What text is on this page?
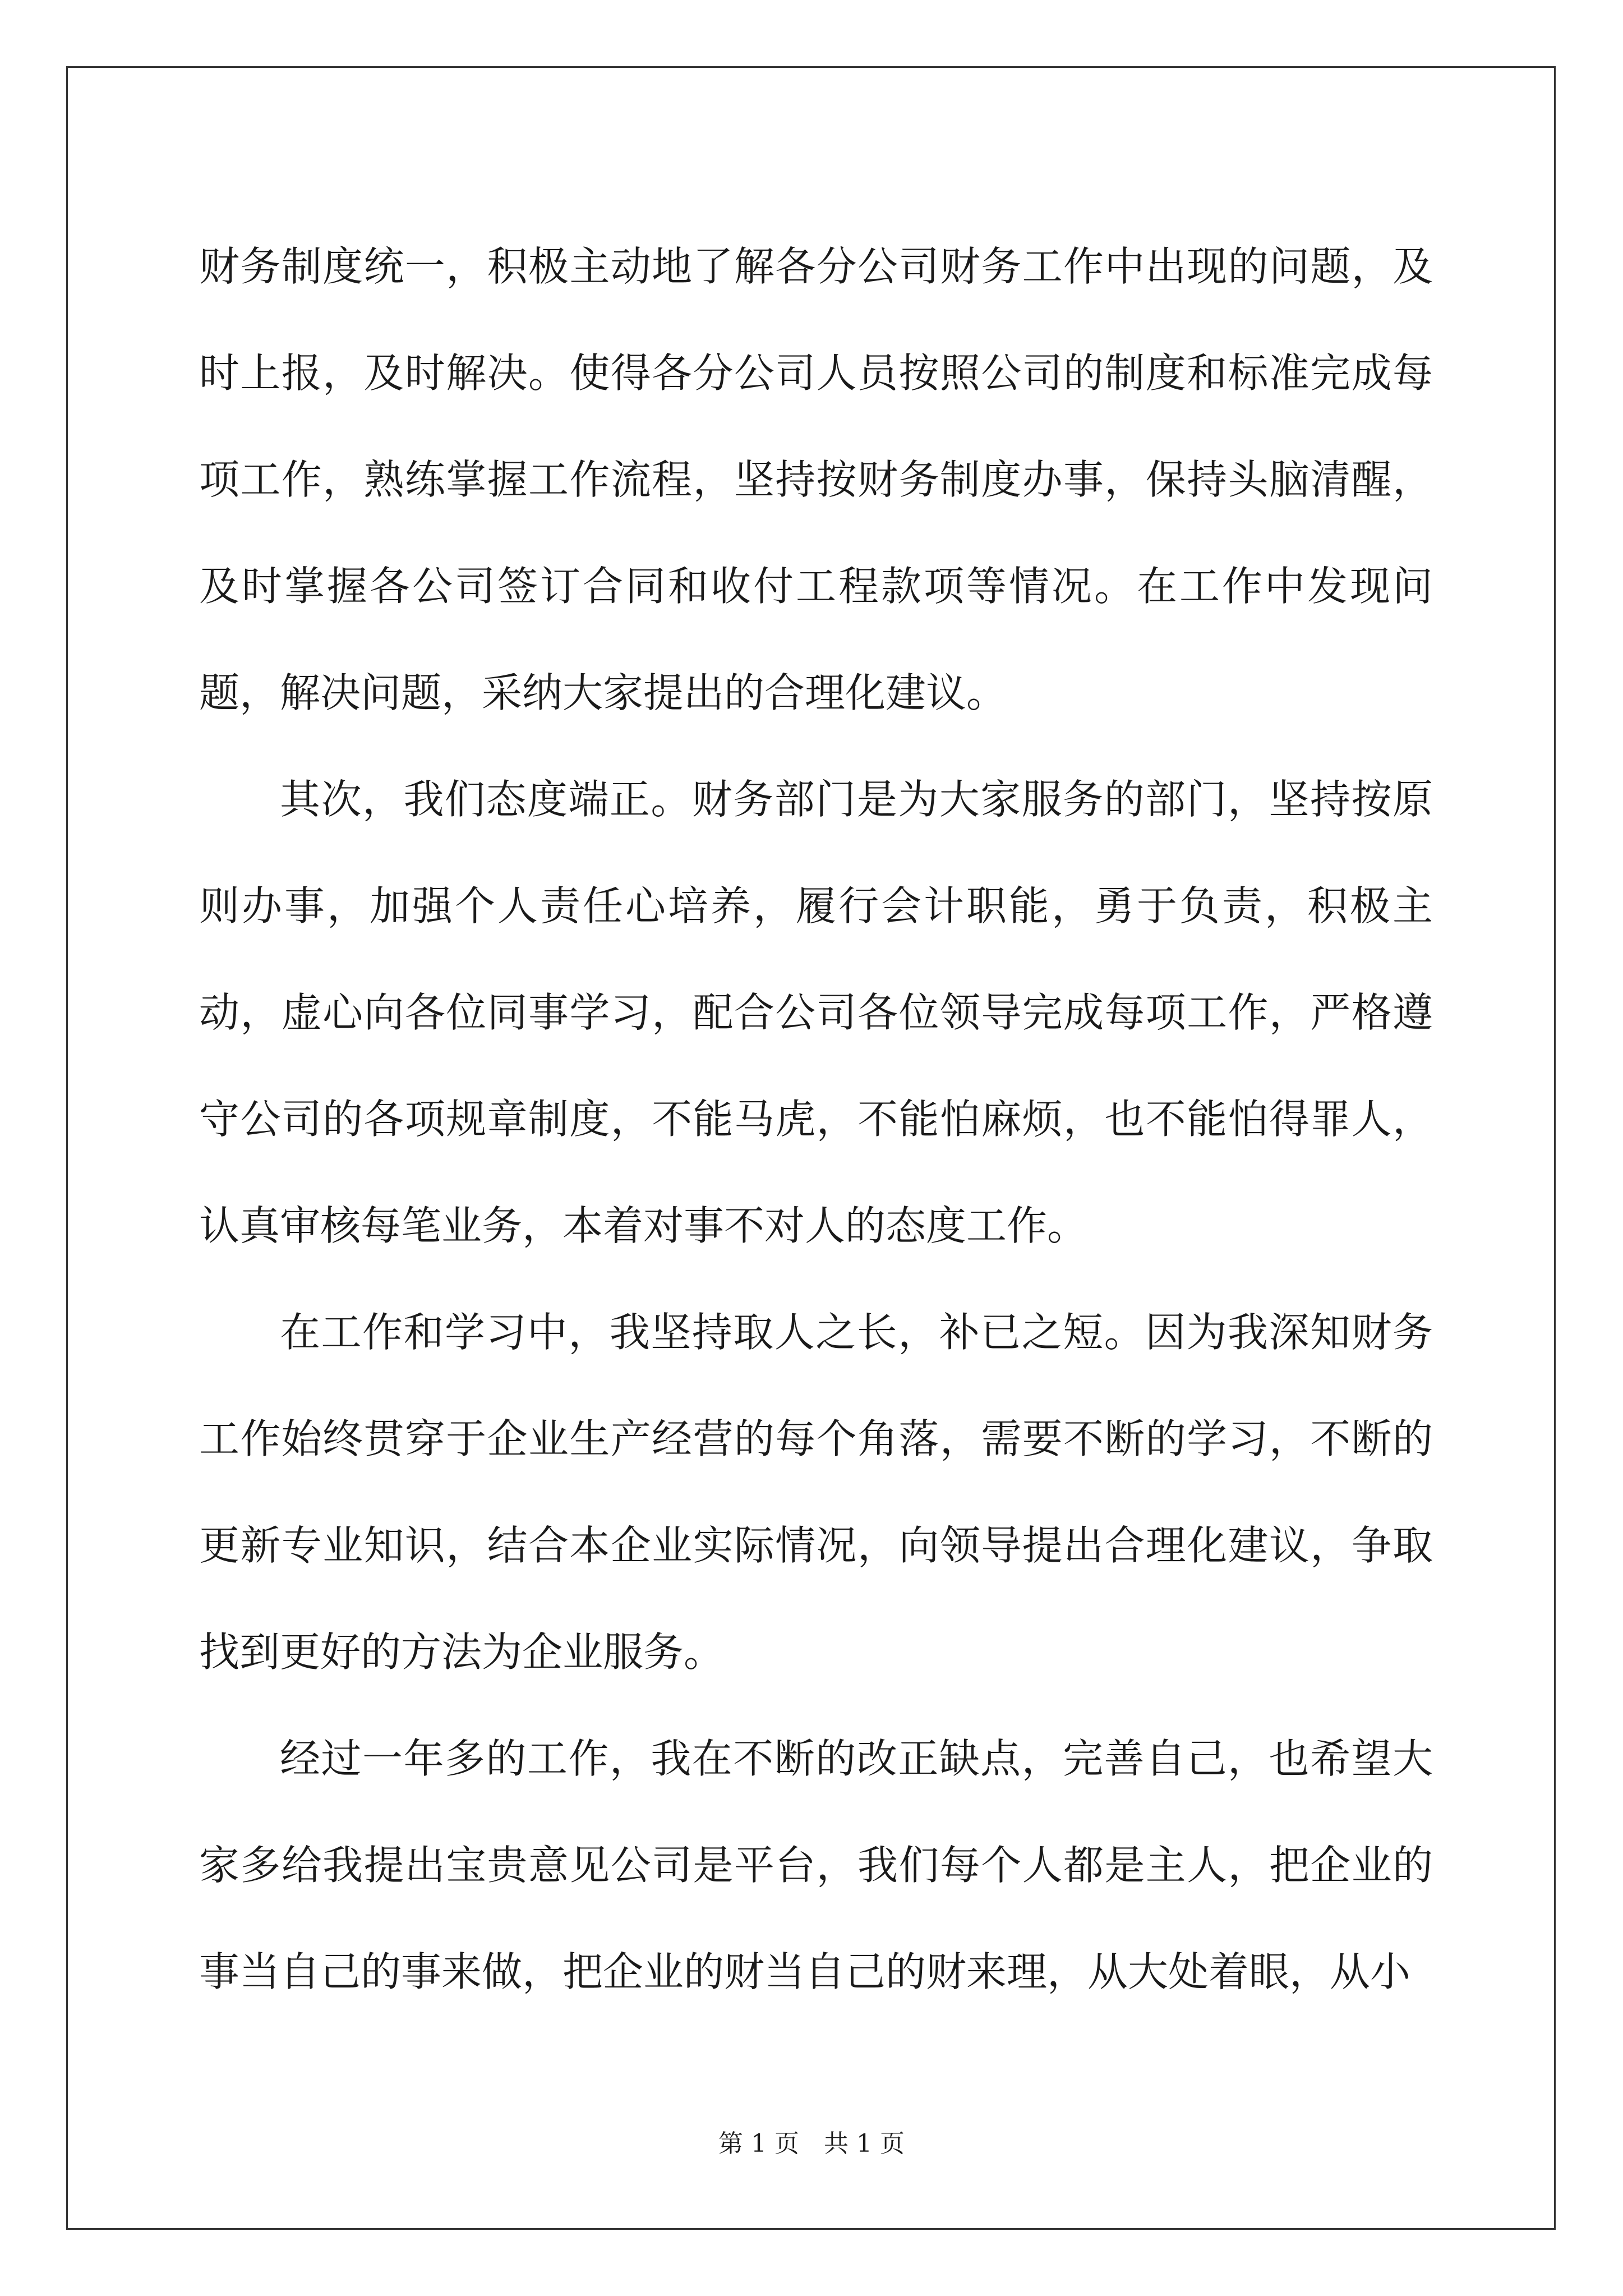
财务制度统一，积极主动地了解各分公司财务工作中出现的问题，及时上报，及时解决。使得各分公司人员按照公司的制度和标准完成每项工作，熟练掌握工作流程，坚持按财务制度办事，保持头脑清醒，及时掌握各公司签订合同和收付工程款项等情况。在工作中发现问题，解决问题，采纳大家提出的合理化建议。

其次，我们态度端正。财务部门是为大家服务的部门，坚持按原则办事，加强个人责任心培养，履行会计职能，勇于负责，积极主动，虚心向各位同事学习，配合公司各位领导完成每项工作，严格遵守公司的各项规章制度，不能马虎，不能怕麻烦，也不能怕得罪人，认真审核每笔业务，本着对事不对人的态度工作。

在工作和学习中，我坚持取人之长，补已之短。因为我深知财务工作始终贯穿于企业生产经营的每个角落，需要不断的学习，不断的更新专业知识，结合本企业实际情况，向领导提出合理化建议，争取找到更好的方法为企业服务。

经过一年多的工作，我在不断的改正缺点，完善自己，也希望大家多给我提出宝贵意见公司是平台，我们每个人都是主人，把企业的事当自己的事来做，把企业的财当自己的财来理，从大处着眼，从小

第 1 页　共 1 页
